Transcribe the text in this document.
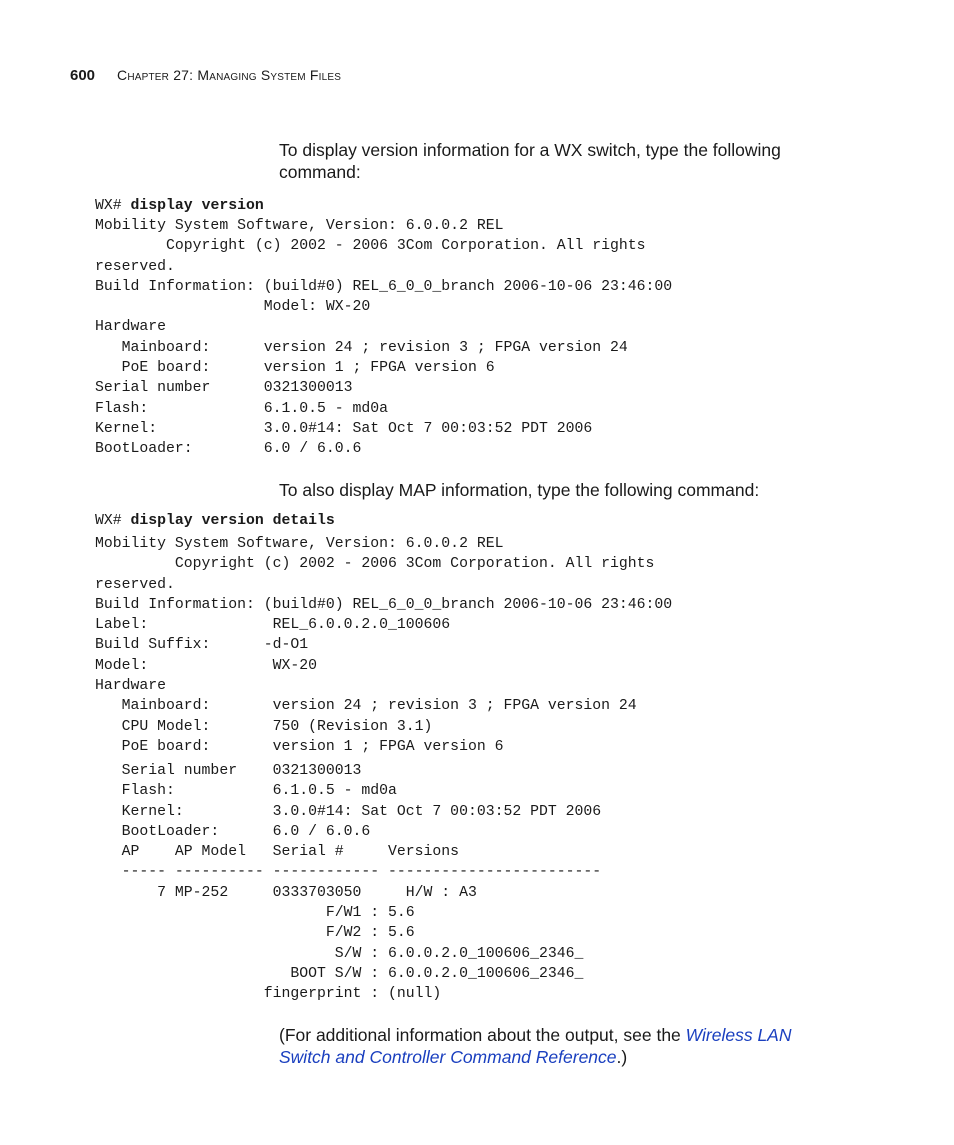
600 Chapter 27: Managing System Files
To display version information for a WX switch, type the following command:
WX# display version
Mobility System Software, Version: 6.0.0.2 REL
Copyright (c) 2002 - 2006 3Com Corporation. All rights
reserved.
Build Information: (build#0) REL_6_0_0_branch 2006-10-06 23:46:00
Model: WX-20
Hardware
Mainboard:      version 24 ; revision 3 ; FPGA version 24
PoE board:      version 1 ; FPGA version 6
Serial number      0321300013
Flash:             6.1.0.5 - md0a
Kernel:            3.0.0#14: Sat Oct 7 00:03:52 PDT 2006
BootLoader:        6.0 / 6.0.6
To also display MAP information, type the following command:
WX# display version details
Mobility System Software, Version: 6.0.0.2 REL
Copyright (c) 2002 - 2006 3Com Corporation. All rights
reserved.
Build Information: (build#0) REL_6_0_0_branch 2006-10-06 23:46:00
Label:              REL_6.0.0.2.0_100606
Build Suffix:      -d-O1
Model:              WX-20
Hardware
Mainboard:       version 24 ; revision 3 ; FPGA version 24
CPU Model:       750 (Revision 3.1)
PoE board:       version 1 ; FPGA version 6
Serial number    0321300013
Flash:           6.1.0.5 - md0a
Kernel:          3.0.0#14: Sat Oct 7 00:03:52 PDT 2006
BootLoader:      6.0 / 6.0.6
AP    AP Model   Serial #     Versions
----- ---------- ------------ ------------------------
7 MP-252     0333703050     H/W : A3
F/W1 : 5.6
F/W2 : 5.6
S/W : 6.0.0.2.0_100606_2346_
BOOT S/W : 6.0.0.2.0_100606_2346_
fingerprint : (null)
(For additional information about the output, see the Wireless LAN Switch and Controller Command Reference.)
